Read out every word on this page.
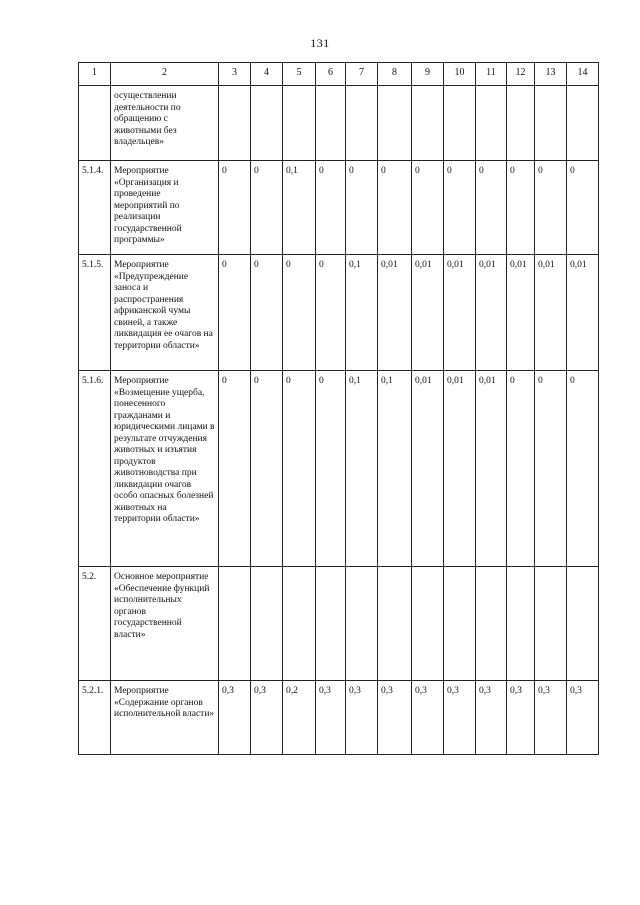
131
1	2	3	4	5	6	7	8	9	10	11	12	13	14
	осуществлении деятельности по обращению с животными без владельцев»												
5.1.4.	Мероприятие «Организация и проведение мероприятий по реализации государственной программы»	0	0	0,1	0	0	0	0	0	0	0	0	0
5.1.5.	Мероприятие «Предупреждение заноса и распространения африканской чумы свиней, а также ликвидация ее очагов на территории области»	0	0	0	0	0,1	0,01	0,01	0,01	0,01	0,01	0,01	0,01
5.1.6.	Мероприятие «Возмещение ущерба, понесенного гражданами и юридическими лицами в результате отчуждения животных и изъятия продуктов животноводства при ликвидации очагов особо опасных болезней животных на территории области»	0	0	0	0	0,1	0,1	0,01	0,01	0,01	0	0	0
5.2.	Основное мероприятие «Обеспечение функций исполнительных органов государственной власти»												
5.2.1.	Мероприятие «Содержание органов исполнительной власти»	0,3	0,3	0,2	0,3	0,3	0,3	0,3	0,3	0,3	0,3	0,3	0,3
